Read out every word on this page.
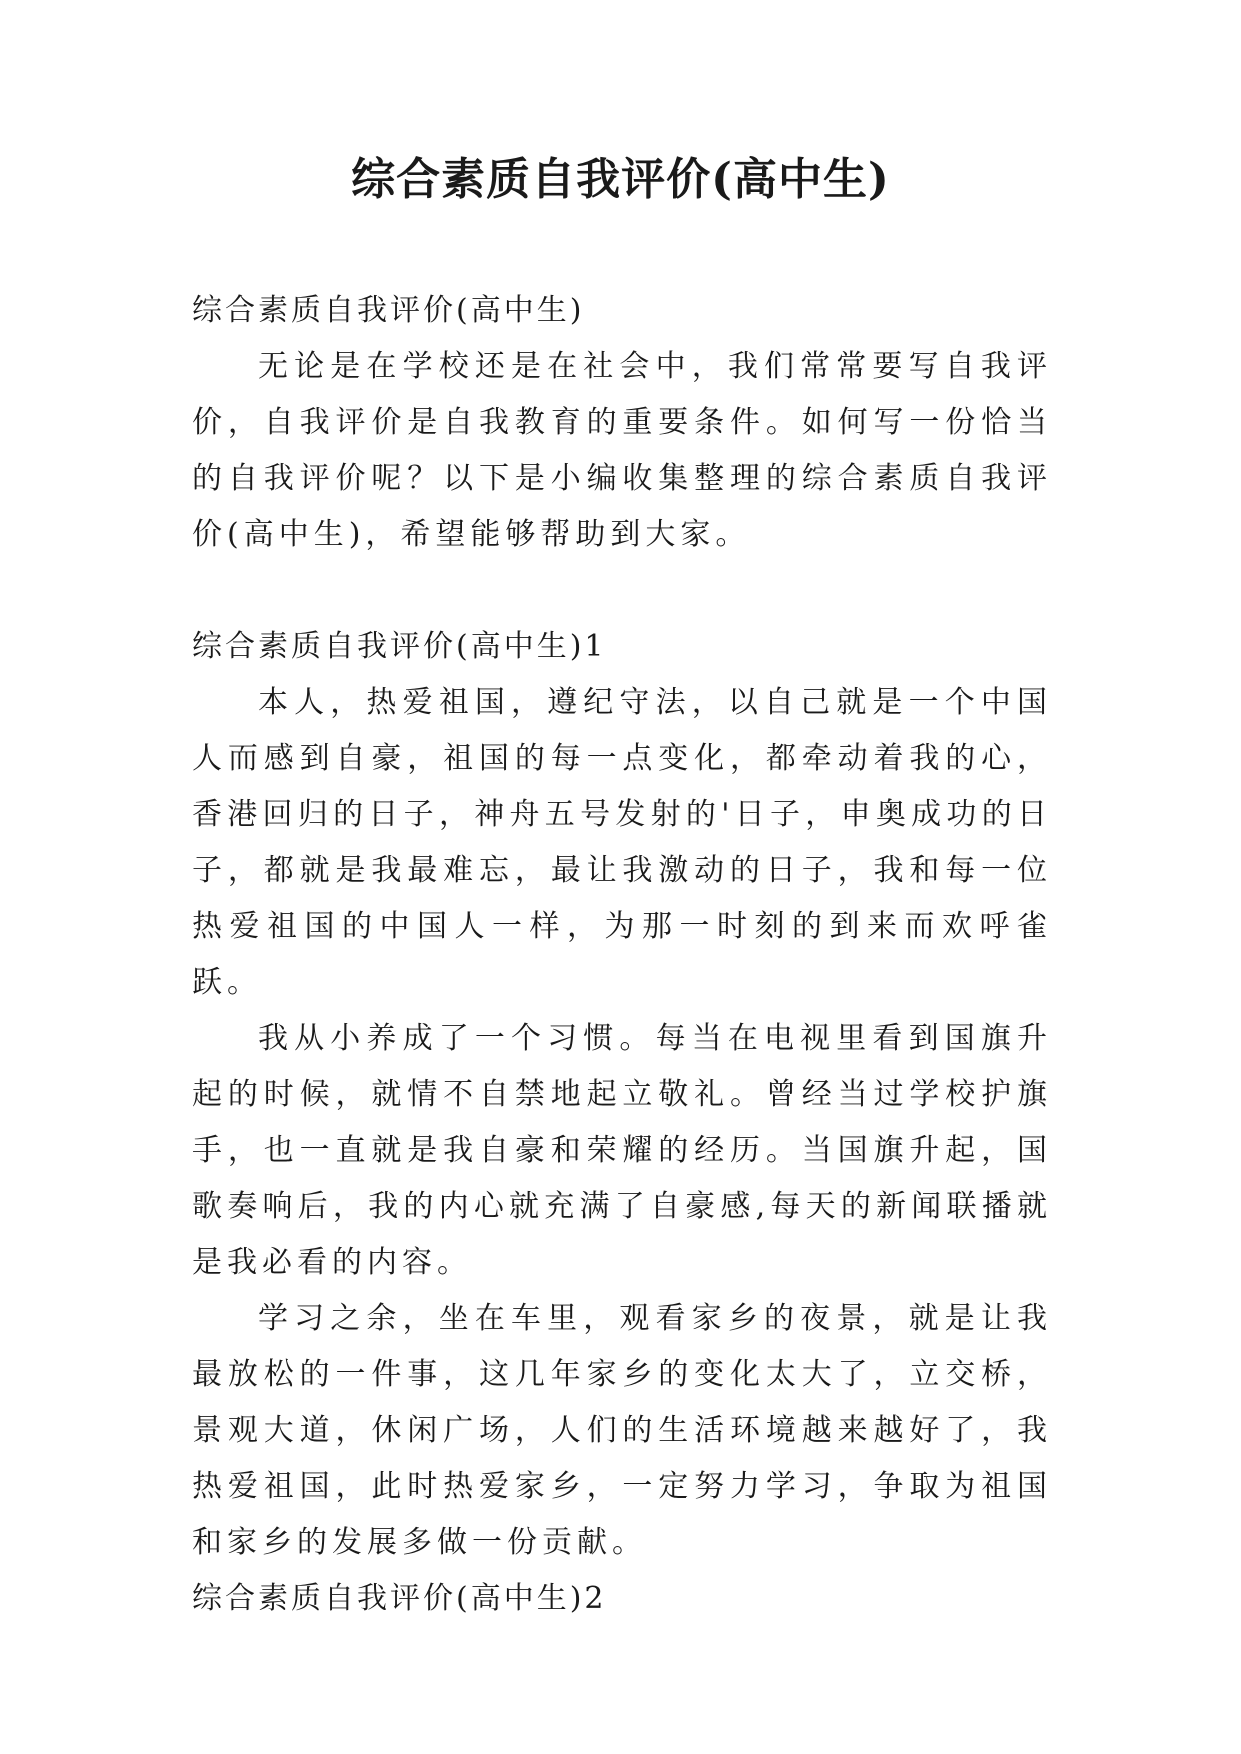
综合素质自我评价(高中生)

综合素质自我评价(高中生)

无论是在学校还是在社会中，我们常常要写自我评价，自我评价是自我教育的重要条件。如何写一份恰当的自我评价呢？以下是小编收集整理的综合素质自我评价(高中生)，希望能够帮助到大家。

综合素质自我评价(高中生)1

本人，热爱祖国，遵纪守法，以自己就是一个中国人而感到自豪，祖国的每一点变化，都牵动着我的心，香港回归的日子，神舟五号发射的'日子，申奥成功的日子，都就是我最难忘，最让我激动的日子，我和每一位热爱祖国的中国人一样，为那一时刻的到来而欢呼雀跃。

我从小养成了一个习惯。每当在电视里看到国旗升起的时候，就情不自禁地起立敬礼。曾经当过学校护旗手，也一直就是我自豪和荣耀的经历。当国旗升起，国歌奏响后，我的内心就充满了自豪感,每天的新闻联播就是我必看的内容。

学习之余，坐在车里，观看家乡的夜景，就是让我最放松的一件事，这几年家乡的变化太大了，立交桥，景观大道，休闲广场，人们的生活环境越来越好了，我热爱祖国，此时热爱家乡，一定努力学习，争取为祖国和家乡的发展多做一份贡献。

综合素质自我评价(高中生)2
